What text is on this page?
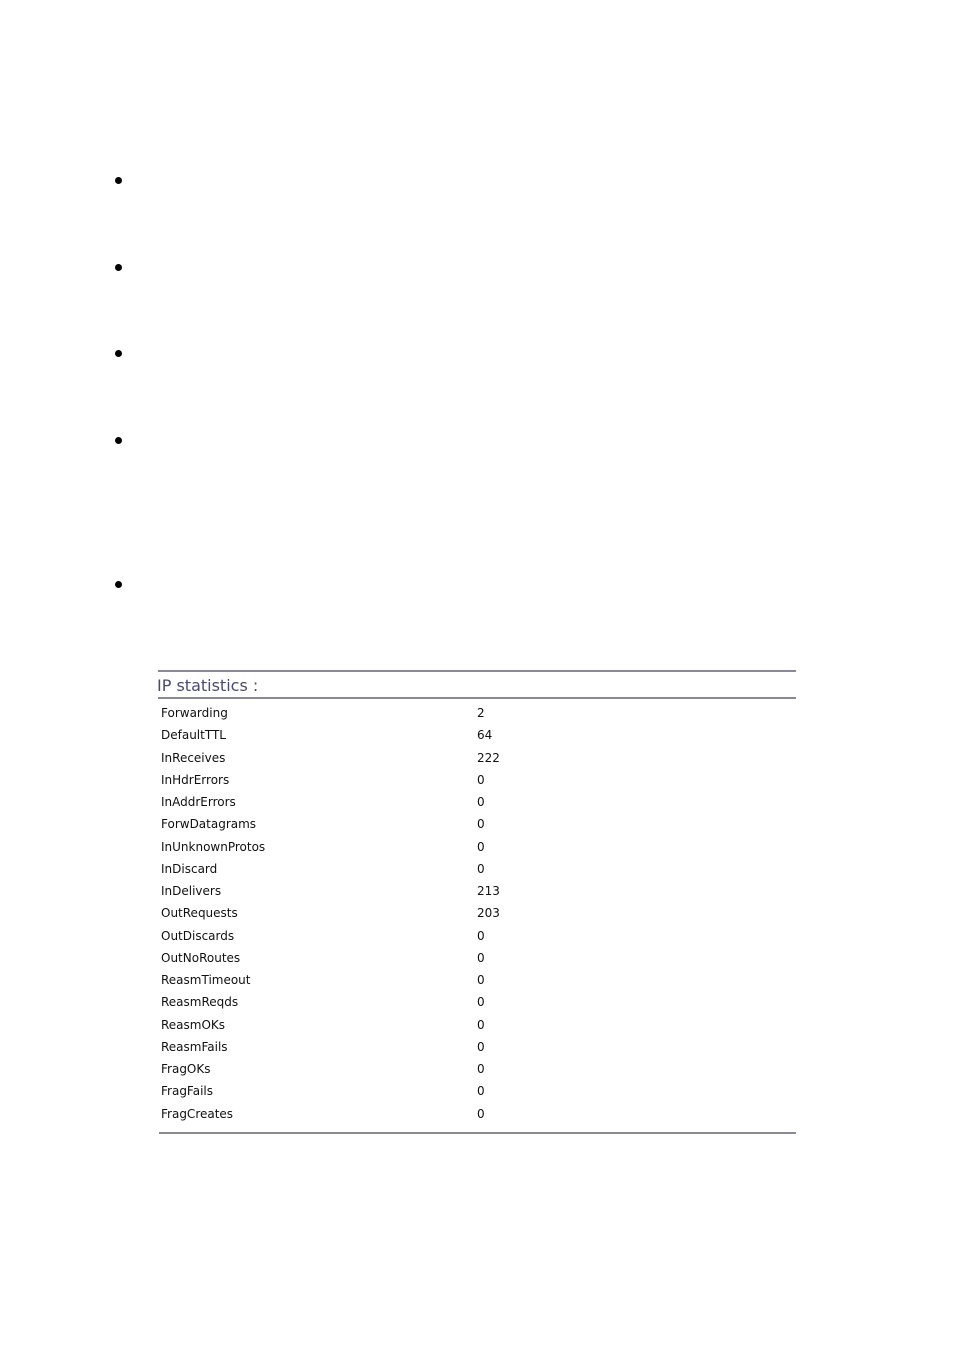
IP statistics :
Forwarding	2
DefaultTTL	64
InReceives	222
InHdrErrors	0
InAddrErrors	0
ForwDatagrams	0
InUnknownProtos	0
InDiscard	0
InDelivers	213
OutRequests	203
OutDiscards	0
OutNoRoutes	0
ReasmTimeout	0
ReasmReqds	0
ReasmOKs	0
ReasmFails	0
FragOKs	0
FragFails	0
FragCreates	0
